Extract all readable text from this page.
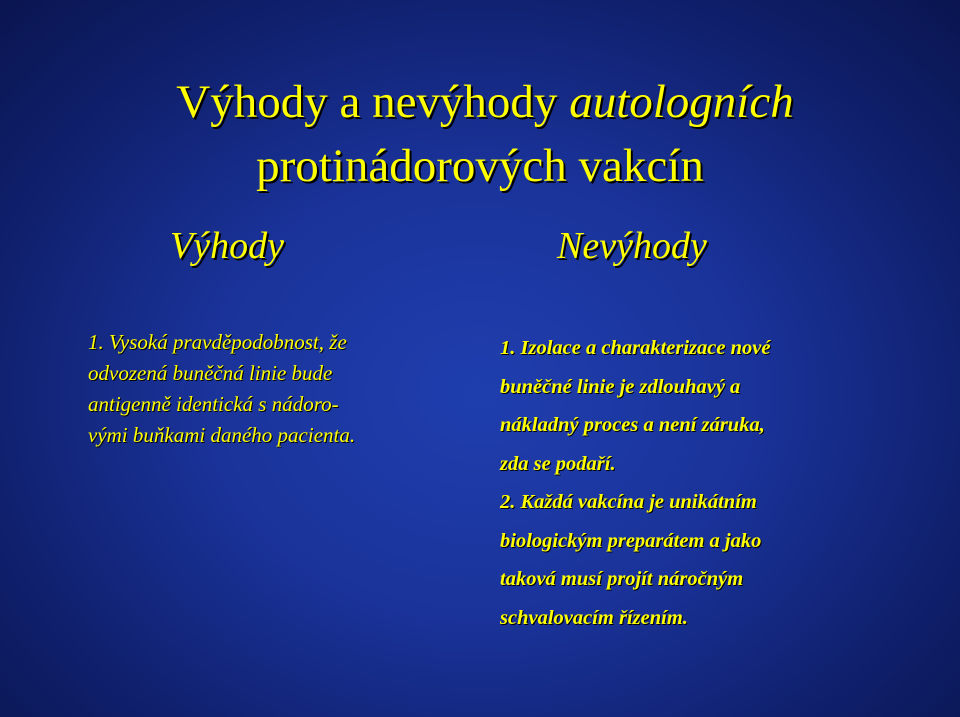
Výhody a nevýhody autologních
protinádorových vakcín
Výhody	Nevýhody
1. Vysoká pravděpodobnost, že
odvozená buněčná linie bude
antigenně identická s nádoro-
vými buňkami daného pacienta.
1. Izolace a charakterizace nové
buněčné linie je zdlouhavý a
nákladný proces a není záruka,
zda se podaří.
2. Každá vakcína je unikátním
biologickým preparátem a jako
taková musí projít náročným
schvalovacím řízením.
